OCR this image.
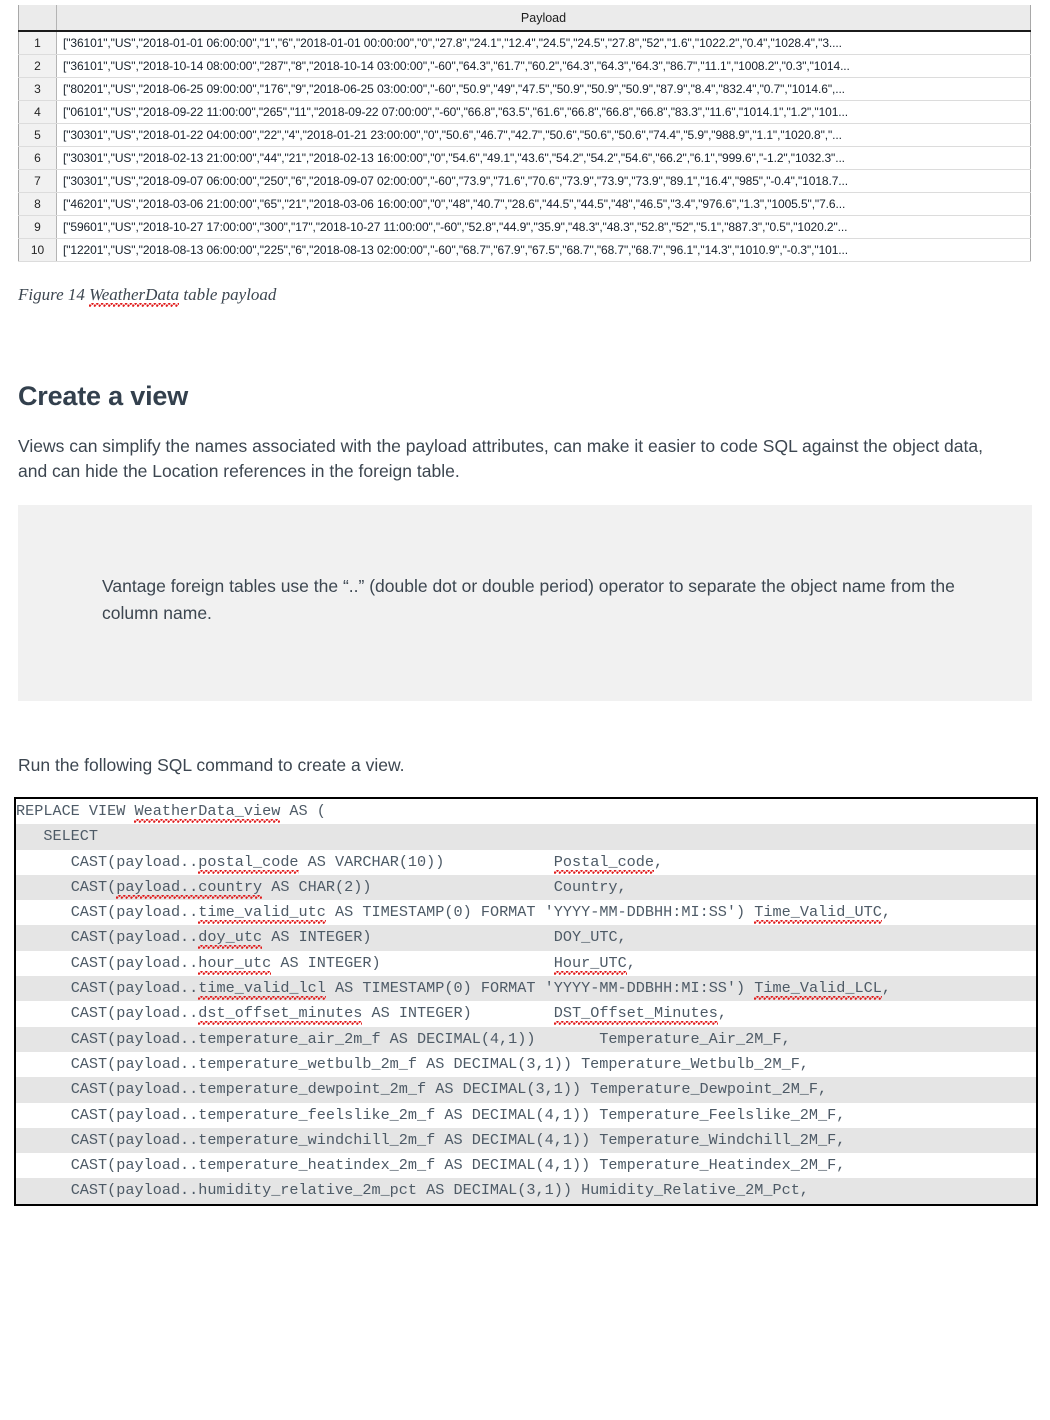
	Payload
1	["36101","US","2018-01-01 06:00:00","1","6","2018-01-01 00:00:00","0","27.8","24.1","12.4","24.5","24.5","27.8","52","1.6","1022.2","0.4","1028.4","3....
2	["36101","US","2018-10-14 08:00:00","287","8","2018-10-14 03:00:00","-60","64.3","61.7","60.2","64.3","64.3","64.3","86.7","11.1","1008.2","0.3","1014...
3	["80201","US","2018-06-25 09:00:00","176","9","2018-06-25 03:00:00","-60","50.9","49","47.5","50.9","50.9","50.9","87.9","8.4","832.4","0.7","1014.6",...
4	["06101","US","2018-09-22 11:00:00","265","11","2018-09-22 07:00:00","-60","66.8","63.5","61.6","66.8","66.8","66.8","83.3","11.6","1014.1","1.2","101...
5	["30301","US","2018-01-22 04:00:00","22","4","2018-01-21 23:00:00","0","50.6","46.7","42.7","50.6","50.6","50.6","74.4","5.9","988.9","1.1","1020.8","...
6	["30301","US","2018-02-13 21:00:00","44","21","2018-02-13 16:00:00","0","54.6","49.1","43.6","54.2","54.2","54.6","66.2","6.1","999.6","-1.2","1032.3"...
7	["30301","US","2018-09-07 06:00:00","250","6","2018-09-07 02:00:00","-60","73.9","71.6","70.6","73.9","73.9","73.9","89.1","16.4","985","-0.4","1018.7...
8	["46201","US","2018-03-06 21:00:00","65","21","2018-03-06 16:00:00","0","48","40.7","28.6","44.5","44.5","48","46.5","3.4","976.6","1.3","1005.5","7.6...
9	["59601","US","2018-10-27 17:00:00","300","17","2018-10-27 11:00:00","-60","52.8","44.9","35.9","48.3","48.3","52.8","52","5.1","887.3","0.5","1020.2"...
10	["12201","US","2018-08-13 06:00:00","225","6","2018-08-13 02:00:00","-60","68.7","67.9","67.5","68.7","68.7","68.7","96.1","14.3","1010.9","-0.3","101...
Figure 14 WeatherData table payload
Create a view

Views can simplify the names associated with the payload attributes, can make it easier to code SQL against the object data, and can hide the Location references in the foreign table.

Vantage foreign tables use the “..” (double dot or double period) operator to separate the object name from the column name.

Run the following SQL command to create a view.

REPLACE VIEW WeatherData_view AS (
SELECT
CAST(payload..postal_code AS VARCHAR(10))            Postal_code,
CAST(payload..country AS CHAR(2))                    Country,
CAST(payload..time_valid_utc AS TIMESTAMP(0) FORMAT 'YYYY-MM-DDBHH:MI:SS') Time_Valid_UTC,
CAST(payload..doy_utc AS INTEGER)                    DOY_UTC,
CAST(payload..hour_utc AS INTEGER)                   Hour_UTC,
CAST(payload..time_valid_lcl AS TIMESTAMP(0) FORMAT 'YYYY-MM-DDBHH:MI:SS') Time_Valid_LCL,
CAST(payload..dst_offset_minutes AS INTEGER)         DST_Offset_Minutes,
CAST(payload..temperature_air_2m_f AS DECIMAL(4,1))       Temperature_Air_2M_F,
CAST(payload..temperature_wetbulb_2m_f AS DECIMAL(3,1)) Temperature_Wetbulb_2M_F,
CAST(payload..temperature_dewpoint_2m_f AS DECIMAL(3,1)) Temperature_Dewpoint_2M_F,
CAST(payload..temperature_feelslike_2m_f AS DECIMAL(4,1)) Temperature_Feelslike_2M_F,
CAST(payload..temperature_windchill_2m_f AS DECIMAL(4,1)) Temperature_Windchill_2M_F,
CAST(payload..temperature_heatindex_2m_f AS DECIMAL(4,1)) Temperature_Heatindex_2M_F,
CAST(payload..humidity_relative_2m_pct AS DECIMAL(3,1)) Humidity_Relative_2M_Pct,
